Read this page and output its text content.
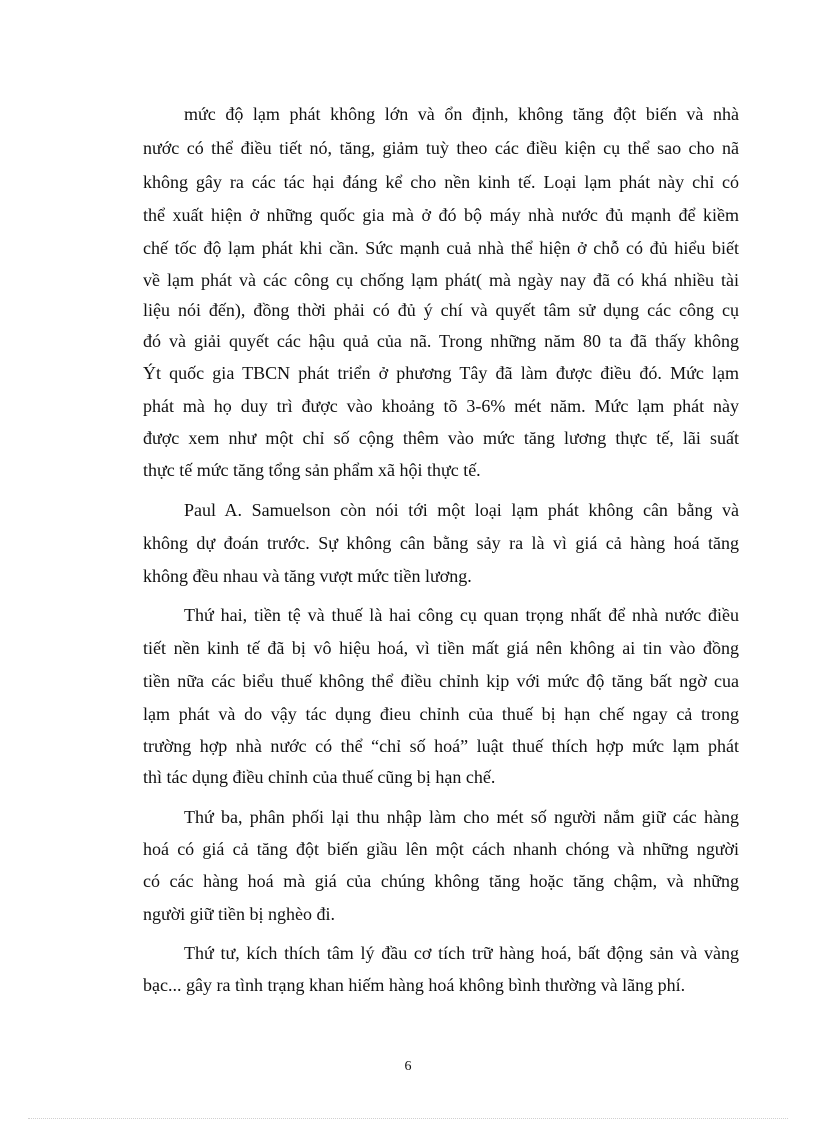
mức độ lạm phát không lớn và ổn định, không tăng đột biến và nhà
nước có thể điều tiết nó, tăng, giảm tuỳ theo các điều kiện cụ thể sao cho nã
không gây ra các tác hại đáng kể cho nền kinh tế. Loại lạm phát này chỉ có
thể xuất hiện ở những quốc gia mà ở đó bộ máy nhà nước đủ mạnh để kiềm
chế tốc độ lạm phát khi cần. Sức mạnh cuả nhà thể hiện ở chỗ có đủ hiểu biết
về lạm phát và các công cụ chống lạm phát( mà ngày nay đã có khá nhiều tài
liệu nói đến), đồng thời phải có đủ ý chí và quyết tâm sử dụng các công cụ
đó và giải quyết các hậu quả của nã. Trong những năm 80 ta đã thấy không
Ýt quốc gia TBCN phát triển ở phương Tây đã làm được điều đó. Mức lạm
phát mà họ duy trì được vào khoảng tõ 3-6% mét năm. Mức lạm phát này
được xem như một chỉ số cộng thêm vào mức tăng lương thực tế, lãi suất
thực tế mức tăng tổng sản phẩm xã hội thực tế.
Paul A. Samuelson còn nói tới một loại lạm phát không cân bằng và
không dự đoán trước. Sự không cân bằng sảy ra là vì giá cả hàng hoá tăng
không đều nhau và tăng vượt mức tiền lương.
Thứ hai, tiền tệ và thuế là hai công cụ quan trọng nhất để nhà nước điều
tiết nền kinh tế đã bị vô hiệu hoá, vì tiền mất giá nên không ai tin vào đồng
tiền nữa các biểu thuế không thể điều chỉnh kịp với mức độ tăng bất ngờ cua
lạm phát và do vậy tác dụng đieu chỉnh của thuế bị hạn chế ngay cả trong
trường hợp nhà nước có thể “chỉ số hoá” luật thuế thích hợp mức lạm phát
thì tác dụng điều chỉnh của thuế cũng bị hạn chế.
Thứ ba, phân phối lại thu nhập làm cho mét số người nắm giữ các hàng
hoá có giá cả tăng đột biến giầu lên một cách nhanh chóng và những người
có các hàng hoá mà giá của chúng không tăng hoặc tăng chậm, và những
người giữ tiền bị nghèo đi.
Thứ tư, kích thích tâm lý đầu cơ tích trữ hàng hoá, bất động sản và vàng
bạc... gây ra tình trạng khan hiếm hàng hoá không bình thường và lãng phí.
6
